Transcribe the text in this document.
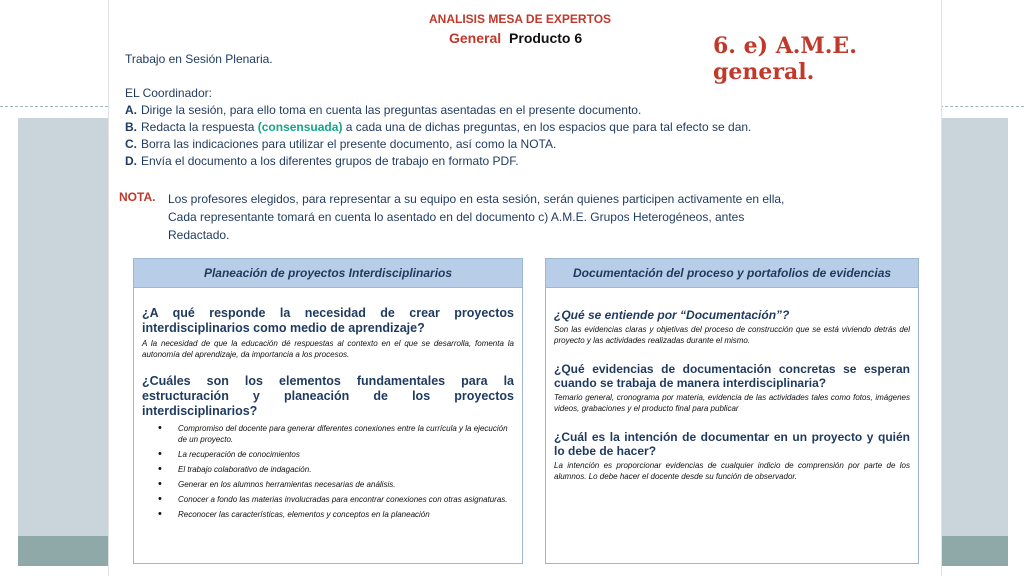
ANALISIS MESA DE EXPERTOS
General Producto 6	6. e) A.M.E. general.
Trabajo en Sesión Plenaria.
EL Coordinador:
A. Dirige la sesión, para ello toma en cuenta las preguntas asentadas en el presente documento.
B. Redacta la respuesta (consensuada) a cada una de dichas preguntas, en los espacios que para tal efecto se dan.
C. Borra las indicaciones para utilizar el presente documento, así como la NOTA.
D. Envía el documento a los diferentes grupos de trabajo en formato PDF.
NOTA. Los profesores elegidos, para representar a su equipo en esta sesión, serán quienes participen activamente en ella,
Cada representante tomará en cuenta lo asentado en del documento c) A.M.E. Grupos Heterogéneos, antes
Redactado.
Planeación de proyectos Interdisciplinarios
¿A qué responde la necesidad de crear proyectos interdisciplinarios como medio de aprendizaje?
A la necesidad de que la educación dé respuestas al contexto en el que se desarrolla, fomenta la autonomía del aprendizaje, da importancia a los procesos.
¿Cuáles son los elementos fundamentales para la estructuración y planeación de los proyectos interdisciplinarios?
• Compromiso del docente para generar diferentes conexiones entre la currícula y la ejecución de un proyecto.
• La recuperación de conocimientos
• El trabajo colaborativo de indagación.
• Generar en los alumnos herramientas necesarias de análisis.
• Conocer a fondo las materias involucradas para encontrar conexiones con otras asignaturas.
• Reconocer las características, elementos y conceptos en la planeación
Documentación del proceso y portafolios de evidencias
¿Qué se entiende por “Documentación”?
Son las evidencias claras y objetivas del proceso de construcción que se está viviendo detrás del proyecto y las actividades realizadas durante el mismo.
¿Qué evidencias de documentación concretas se esperan cuando se trabaja de manera interdisciplinaria?
Temario general, cronograma por materia, evidencia de las actividades tales como fotos, imágenes videos, grabaciones y el producto final para publicar
¿Cuál es la intención de documentar en un proyecto y quién lo debe de hacer?
La intención es proporcionar evidencias de cualquier indicio de comprensión por parte de los alumnos. Lo debe hacer el docente desde su función de observador.
